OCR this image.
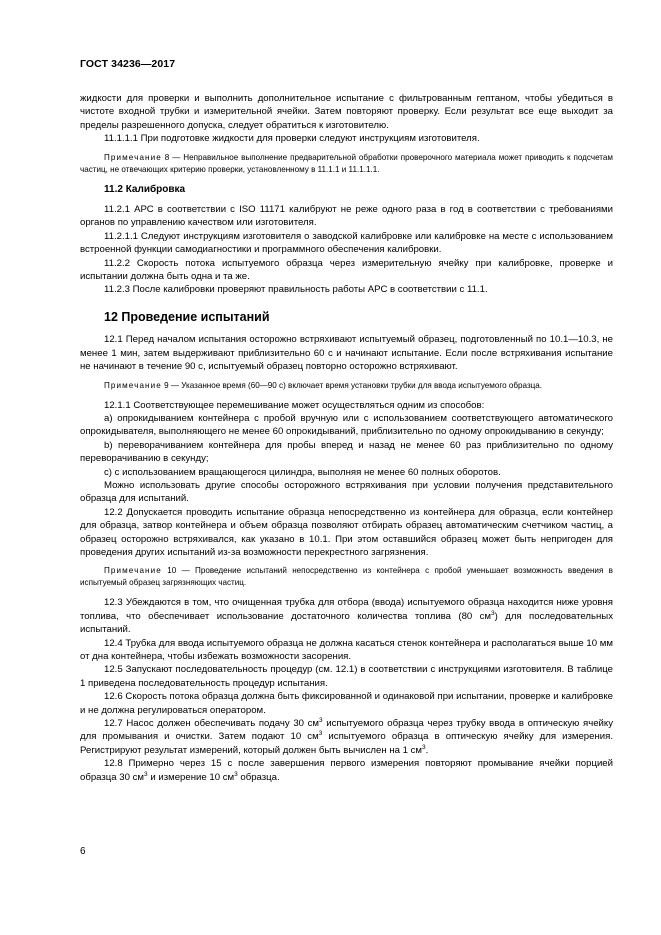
ГОСТ 34236—2017

жидкости для проверки и выполнить дополнительное испытание с фильтрованным гептаном, чтобы убедиться в чистоте входной трубки и измерительной ячейки. Затем повторяют проверку. Если результат все еще выходит за пределы разрешенного допуска, следует обратиться к изготовителю.

11.1.1.1 При подготовке жидкости для проверки следуют инструкциям изготовителя.

Примечание 8 — Неправильное выполнение предварительной обработки проверочного материала может приводить к подсчетам частиц, не отвечающих критерию проверки, установленному в 11.1.1 и 11.1.1.1.

11.2 Калибровка

11.2.1 АРС в соответствии с ISO 11171 калибруют не реже одного раза в год в соответствии с требованиями органов по управлению качеством или изготовителя.

11.2.1.1 Следуют инструкциям изготовителя о заводской калибровке или калибровке на месте с использованием встроенной функции самодиагностики и программного обеспечения калибровки.

11.2.2 Скорость потока испытуемого образца через измерительную ячейку при калибровке, проверке и испытании должна быть одна и та же.

11.2.3 После калибровки проверяют правильность работы АРС в соответствии с 11.1.

12 Проведение испытаний

12.1 Перед началом испытания осторожно встряхивают испытуемый образец, подготовленный по 10.1—10.3, не менее 1 мин, затем выдерживают приблизительно 60 с и начинают испытание. Если после встряхивания испытание не начинают в течение 90 с, испытуемый образец повторно осторожно встряхивают.

Примечание 9 — Указанное время (60—90 с) включает время установки трубки для ввода испытуемого образца.

12.1.1 Соответствующее перемешивание может осуществляться одним из способов:

а) опрокидыванием контейнера с пробой вручную или с использованием соответствующего автоматического опрокидывателя, выполняющего не менее 60 опрокидываний, приблизительно по одному опрокидыванию в секунду;

b) переворачиванием контейнера для пробы вперед и назад не менее 60 раз приблизительно по одному переворачиванию в секунду;

с) с использованием вращающегося цилиндра, выполняя не менее 60 полных оборотов.

Можно использовать другие способы осторожного встряхивания при условии получения представительного образца для испытаний.

12.2 Допускается проводить испытание образца непосредственно из контейнера для образца, если контейнер для образца, затвор контейнера и объем образца позволяют отбирать образец автоматическим счетчиком частиц, а образец осторожно встряхивался, как указано в 10.1. При этом оставшийся образец может быть непригоден для проведения других испытаний из-за возможности перекрестного загрязнения.

Примечание 10 — Проведение испытаний непосредственно из контейнера с пробой уменьшает возможность введения в испытуемый образец загрязняющих частиц.

12.3 Убеждаются в том, что очищенная трубка для отбора (ввода) испытуемого образца находится ниже уровня топлива, что обеспечивает использование достаточного количества топлива (80 $см^3$) для последовательных испытаний.

12.4 Трубка для ввода испытуемого образца не должна касаться стенок контейнера и располагаться выше 10 мм от дна контейнера, чтобы избежать возможности засорения.

12.5 Запускают последовательность процедур (см. 12.1) в соответствии с инструкциями изготовителя. В таблице 1 приведена последовательность процедур испытания.

12.6 Скорость потока образца должна быть фиксированной и одинаковой при испытании, проверке и калибровке и не должна регулироваться оператором.

12.7 Насос должен обеспечивать подачу 30 $см^3$ испытуемого образца через трубку ввода в оптическую ячейку для промывания и очистки. Затем подают 10 $см^3$ испытуемого образца в оптическую ячейку для измерения. Регистрируют результат измерений, который должен быть вычислен на 1 $см^3$.

12.8 Примерно через 15 с после завершения первого измерения повторяют промывание ячейки порцией образца 30 $см^3$ и измерение 10 $см^3$ образца.

6
